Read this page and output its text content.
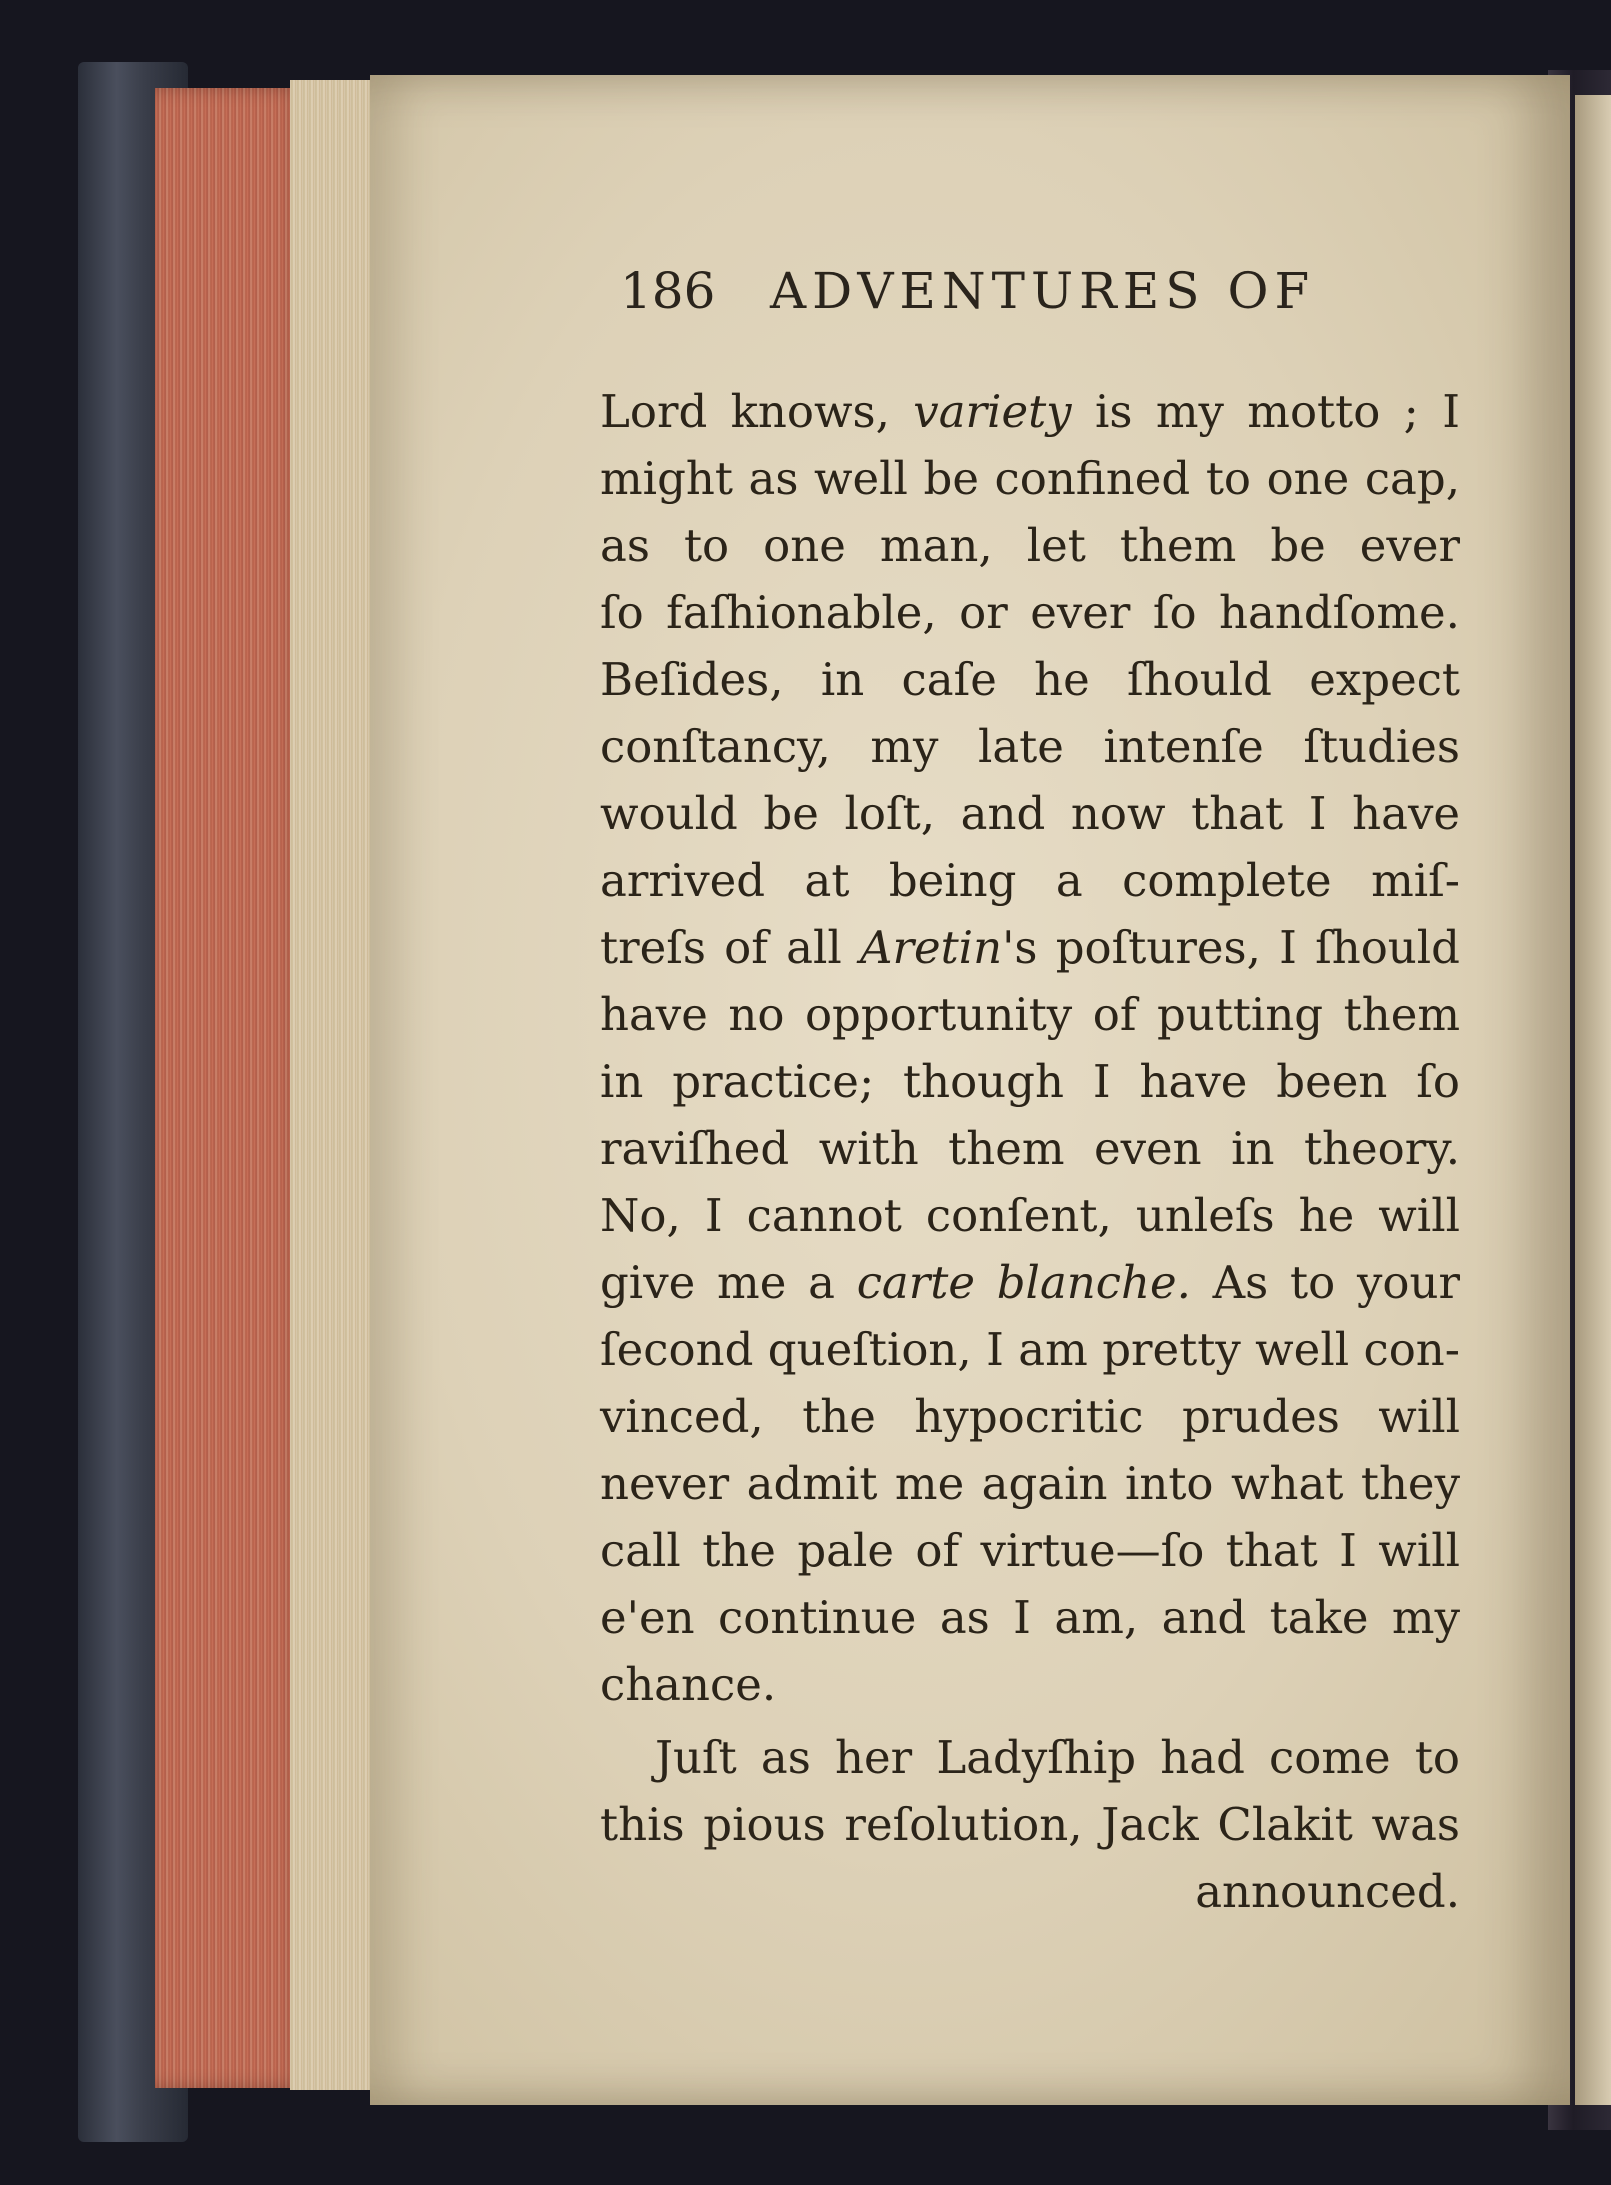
186 ADVENTURES OF
Lord knows, variety is my motto ; I
might as well be confined to one cap,
as to one man, let them be ever
ſo faſhionable, or ever ſo handſome.
Beſides, in caſe he ſhould expect
conſtancy, my late intenſe ſtudies
would be loſt, and now that I have
arrived at being a complete miſ-
treſs of all Aretin's poſtures, I ſhould
have no opportunity of putting them
in practice; though I have been ſo
raviſhed with them even in theory.
No, I cannot conſent, unleſs he will
give me a carte blanche. As to your
ſecond queſtion, I am pretty well con-
vinced, the hypocritic prudes will
never admit me again into what they
call the pale of virtue—ſo that I will
e'en continue as I am, and take my
chance.
Juſt as her Ladyſhip had come to
this pious reſolution, Jack Clakit was
announced.
